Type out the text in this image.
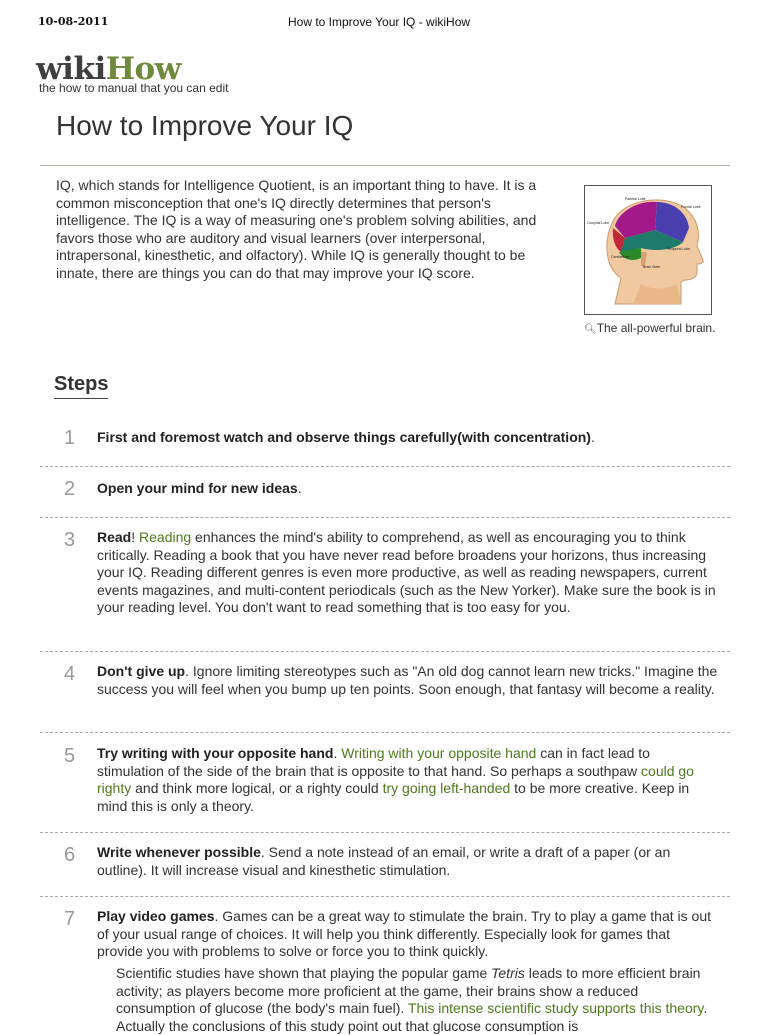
10-08-2011	How to Improve Your IQ - wikiHow
wikiHow
the how to manual that you can edit
How to Improve Your IQ

IQ, which stands for Intelligence Quotient, is an important thing to have. It is a common misconception that one's IQ directly determines that person's intelligence. The IQ is a way of measuring one's problem solving abilities, and favors those who are auditory and visual learners (over interpersonal, intrapersonal, kinesthetic, and olfactory). While IQ is generally thought to be innate, there are things you can do that may improve your IQ score.

Parietal Lobe
Frontal Lobe
Occipital Lobe
Temporal Lobe
Cerebellum
Brain Stem
🔍︎The all-powerful brain.
Steps
1 First and foremost watch and observe things carefully(with concentration).
2 Open your mind for new ideas.
3 Read! Reading enhances the mind's ability to comprehend, as well as encouraging you to think critically. Reading a book that you have never read before broadens your horizons, thus increasing your IQ. Reading different genres is even more productive, as well as reading newspapers, current events magazines, and multi-content periodicals (such as the New Yorker). Make sure the book is in your reading level. You don't want to read something that is too easy for you.
4 Don't give up. Ignore limiting stereotypes such as "An old dog cannot learn new tricks." Imagine the success you will feel when you bump up ten points. Soon enough, that fantasy will become a reality.
5 Try writing with your opposite hand. Writing with your opposite hand can in fact lead to stimulation of the side of the brain that is opposite to that hand. So perhaps a southpaw could go righty and think more logical, or a righty could try going left-handed to be more creative. Keep in mind this is only a theory.
6 Write whenever possible. Send a note instead of an email, or write a draft of a paper (or an outline). It will increase visual and kinesthetic stimulation.
7 Play video games. Games can be a great way to stimulate the brain. Try to play a game that is out of your usual range of choices. It will help you think differently. Especially look for games that provide you with problems to solve or force you to think quickly.
Scientific studies have shown that playing the popular game Tetris leads to more efficient brain activity; as players become more proficient at the game, their brains show a reduced consumption of glucose (the body's main fuel). This intense scientific study supports this theory. Actually the conclusions of this study point out that glucose consumption is
